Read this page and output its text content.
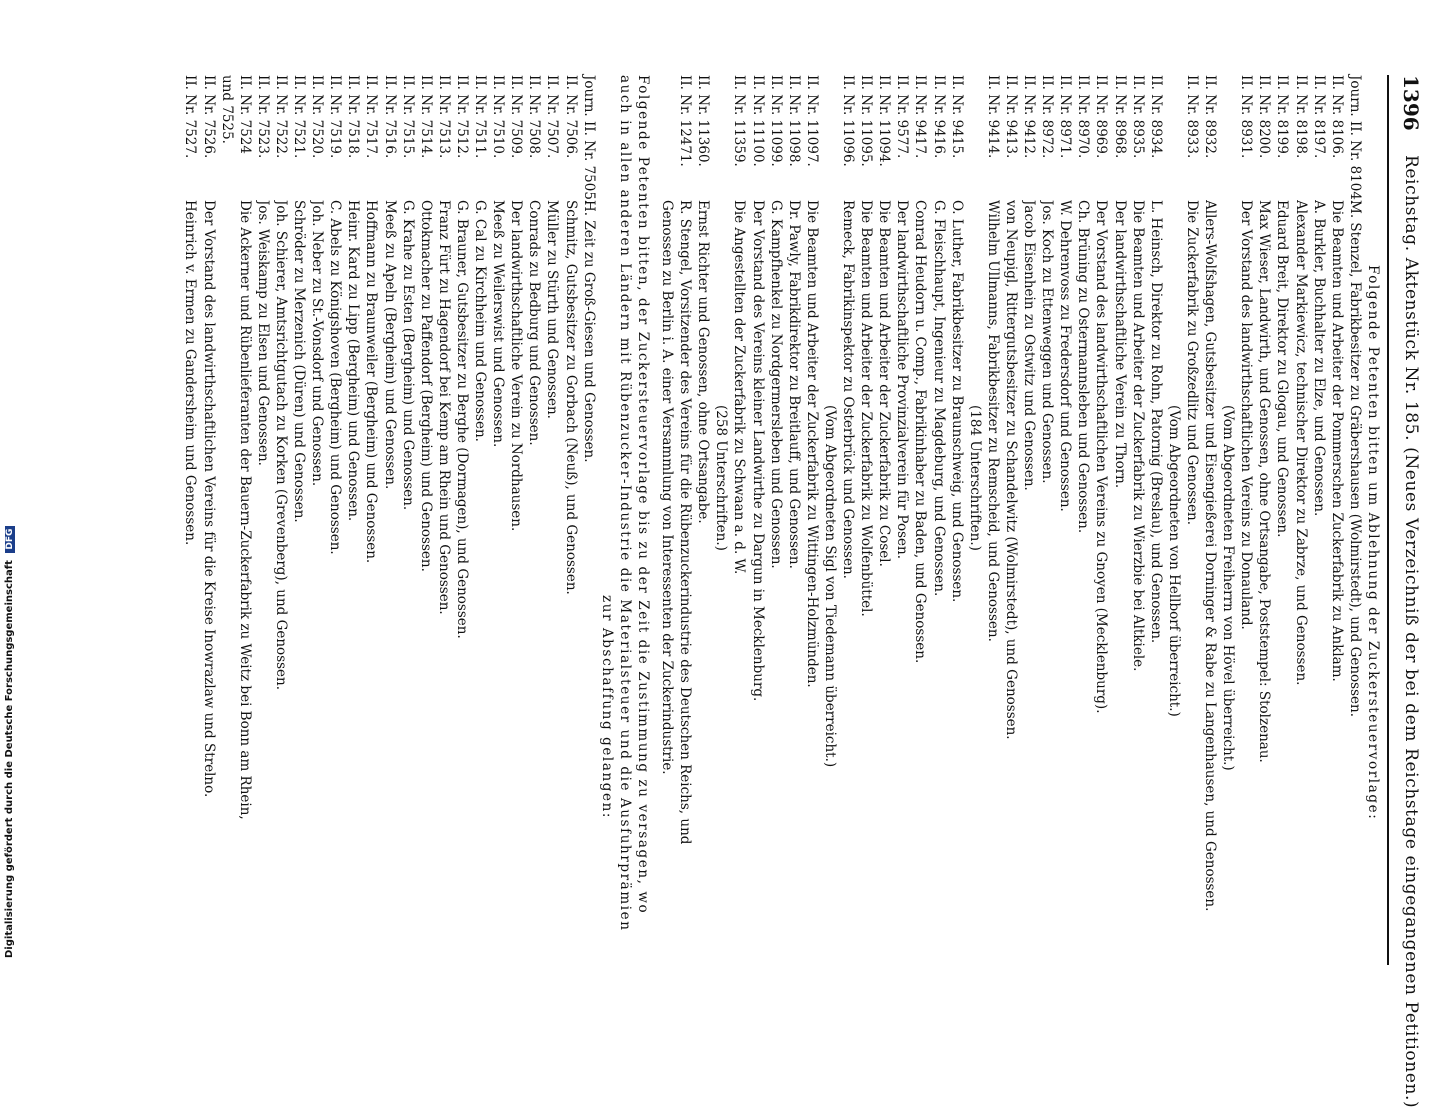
1396
Reichstag. Aktenstück Nr. 185. (Neues Verzeichniß der bei dem Reichstage eingegangenen Petitionen.)
Folgende Petenten bitten um Ablehnung der Zuckersteuervorlage:
Journ. II. Nr. 8104.
M. Stenzel, Fabrikbesitzer zu Gräbershausen (Wolmirstedt), und Genossen.
II. Nr. 8106.
Die Beamten und Arbeiter der Pommerschen Zuckerfabrik zu Anklam.
II. Nr. 8197.
A. Burkler, Buchhalter zu Elze, und Genossen.
II. Nr. 8198.
Alexander Markiewicz, technischer Direktor zu Zabrze, und Genossen.
II. Nr. 8199.
Eduard Breit, Direktor zu Glogau, und Genossen.
II. Nr. 8200.
Max Wieser, Landwirth, und Genossen, ohne Ortsangabe, Poststempel: Stolzenau.
II. Nr. 8931.
Der Vorstand des landwirthschaftlichen Vereins zu Donauland.
(Vom Abgeordneten Freiherrn von Hövel überreicht.)
II. Nr. 8932.
Allers-Wolfshagen, Gutsbesitzer und Eisengießerei Dorninger & Rabe zu Langenhausen, und Genossen.
II. Nr. 8933.
Die Zuckerfabrik zu Großzedlitz und Genossen.
(Vom Abgeordneten von Hellborf überreicht.)
II. Nr. 8934.
L. Heinsch, Direktor zu Rohn, Patornig (Breslau), und Genossen.
II. Nr. 8935.
Die Beamten und Arbeiter der Zuckerfabrik zu Wierzbie bei Altkiele.
II. Nr. 8968.
Der landwirthschaftliche Verein zu Thorn.
II. Nr. 8969.
Der Vorstand des landwirthschaftlichen Vereins zu Gnoyen (Mecklenburg).
II. Nr. 8970.
Ch. Brüning zu Ostermannsleben und Genossen.
II. Nr. 8971.
W. Dehrenvoss zu Fredersdorf und Genossen.
II. Nr. 8972.
Jos. Koch zu Ettenweggen und Genossen.
II. Nr. 9412.
Jacob Eisenhein zu Ostwitz und Genossen.
II. Nr. 9413.
von Neupigl, Rittergutsbesitzer zu Schandelwitz (Wolmirstedt), und Genossen.
II. Nr. 9414.
Wilhelm Ullmanns, Fabrikbesitzer zu Remscheid, und Genossen.
(184 Unterschriften.)
II. Nr. 9415.
O. Luther, Fabrikbesitzer zu Braunschweig, und Genossen.
II. Nr. 9416.
G. Fleischhaupt, Ingenieur zu Magdeburg, und Genossen.
II. Nr. 9417.
Conrad Heudorn u. Comp., Fabrikinhaber zu Baden, und Genossen.
II. Nr. 9577.
Der landwirthschaftliche Provinzialverein für Posen.
II. Nr. 11094.
Die Beamten und Arbeiter der Zuckerfabrik zu Cosel.
II. Nr. 11095.
Die Beamten und Arbeiter der Zuckerfabrik zu Wolfenbüttel.
II. Nr. 11096.
Remeck, Fabrikinspektor zu Osterbrück und Genossen.
(Vom Abgeordneten Sigl von Tiedemann überreicht.)
II. Nr. 11097.
Die Beamten und Arbeiter der Zuckerfabrik zu Wittingen-Holzmünden.
II. Nr. 11098.
Dr. Pawly, Fabrikdirektor zu Breitlauff, und Genossen.
II. Nr. 11099.
G. Kampfhenkel zu Nordgermersleben und Genossen.
II. Nr. 11100.
Der Vorstand des Vereins kleiner Landwirthe zu Dargun in Mecklenburg.
II. Nr. 11359.
Die Angestellten der Zuckerfabrik zu Schwaan a. d. W.
(258 Unterschriften.)
II. Nr. 11360.
Ernst Richter und Genossen, ohne Ortsangabe.
II. Nr. 12471.
R. Stengel, Vorsitzender des Vereins für die Rübenzuckerindustrie des Deutschen Reichs, und
Genossen zu Berlin i. A. einer Versammlung von Interessenten der Zuckerindustrie.
Folgende Petenten bitten, der Zuckersteuervorlage bis zu der Zeit die Zustimmung zu versagen, wo
auch in allen anderen Ländern mit Rübenzucker-Industrie die Materialsteuer und die Ausfuhrprämien
zur Abschaffung gelangen:
Journ. II. Nr. 7505.
H. Zeit zu Groß-Giesen und Genossen.
II. Nr. 7506.
Schmitz, Gutsbesitzer zu Gorbach (Neuß), und Genossen.
II. Nr. 7507.
Müller zu Stürth und Genossen.
II. Nr. 7508.
Conrads zu Bedburg und Genossen.
II. Nr. 7509.
Der landwirthschaftliche Verein zu Nordhausen.
II. Nr. 7510.
Meeß zu Weilerswist und Genossen.
II. Nr. 7511.
G. Cal zu Kirchheim und Genossen.
II. Nr. 7512.
G. Brauner, Gutsbesitzer zu Berghe (Dormagen), und Genossen.
II. Nr. 7513.
Franz Fürt zu Hagendorf bei Kemp am Rhein und Genossen.
II. Nr. 7514.
Ottokmacher zu Paffendorf (Bergheim) und Genossen.
II. Nr. 7515.
G. Krahe zu Esten (Bergheim) und Genossen.
II. Nr. 7516.
Meeß zu Apeln (Bergheim) und Genossen.
II. Nr. 7517.
Hoffmann zu Braunweiler (Bergheim) und Genossen.
II. Nr. 7518.
Heinr. Kard zu Lipp (Bergheim) und Genossen.
II. Nr. 7519.
C. Abels zu Königshoven (Bergheim) und Genossen.
II. Nr. 7520.
Joh. Neber zu St.-Vonsdorf und Genossen.
II. Nr. 7521.
Schröder zu Merzenich (Düren) und Genossen.
II. Nr. 7522.
Joh. Schierer, Amtsrichtgutach zu Korken (Grevenberg), und Genossen.
II. Nr. 7523.
Jos. Weiskamp zu Elsen und Genossen.
II. Nr. 7524
Die Ackerner und Rübenlieferanten der Bauern-Zuckerfabrik zu Weitz bei Bonn am Rhein,
und 7525.
II. Nr. 7526.
Der Vorstand des landwirthschaftlichen Vereins für die Kreise Inowrazlaw und Strelno.
II. Nr. 7527.
Heinrich v. Ermen zu Gandersheim und Genossen.
Digitalisierung gefördert durch die Deutsche Forschungsgemeinschaft DFG
